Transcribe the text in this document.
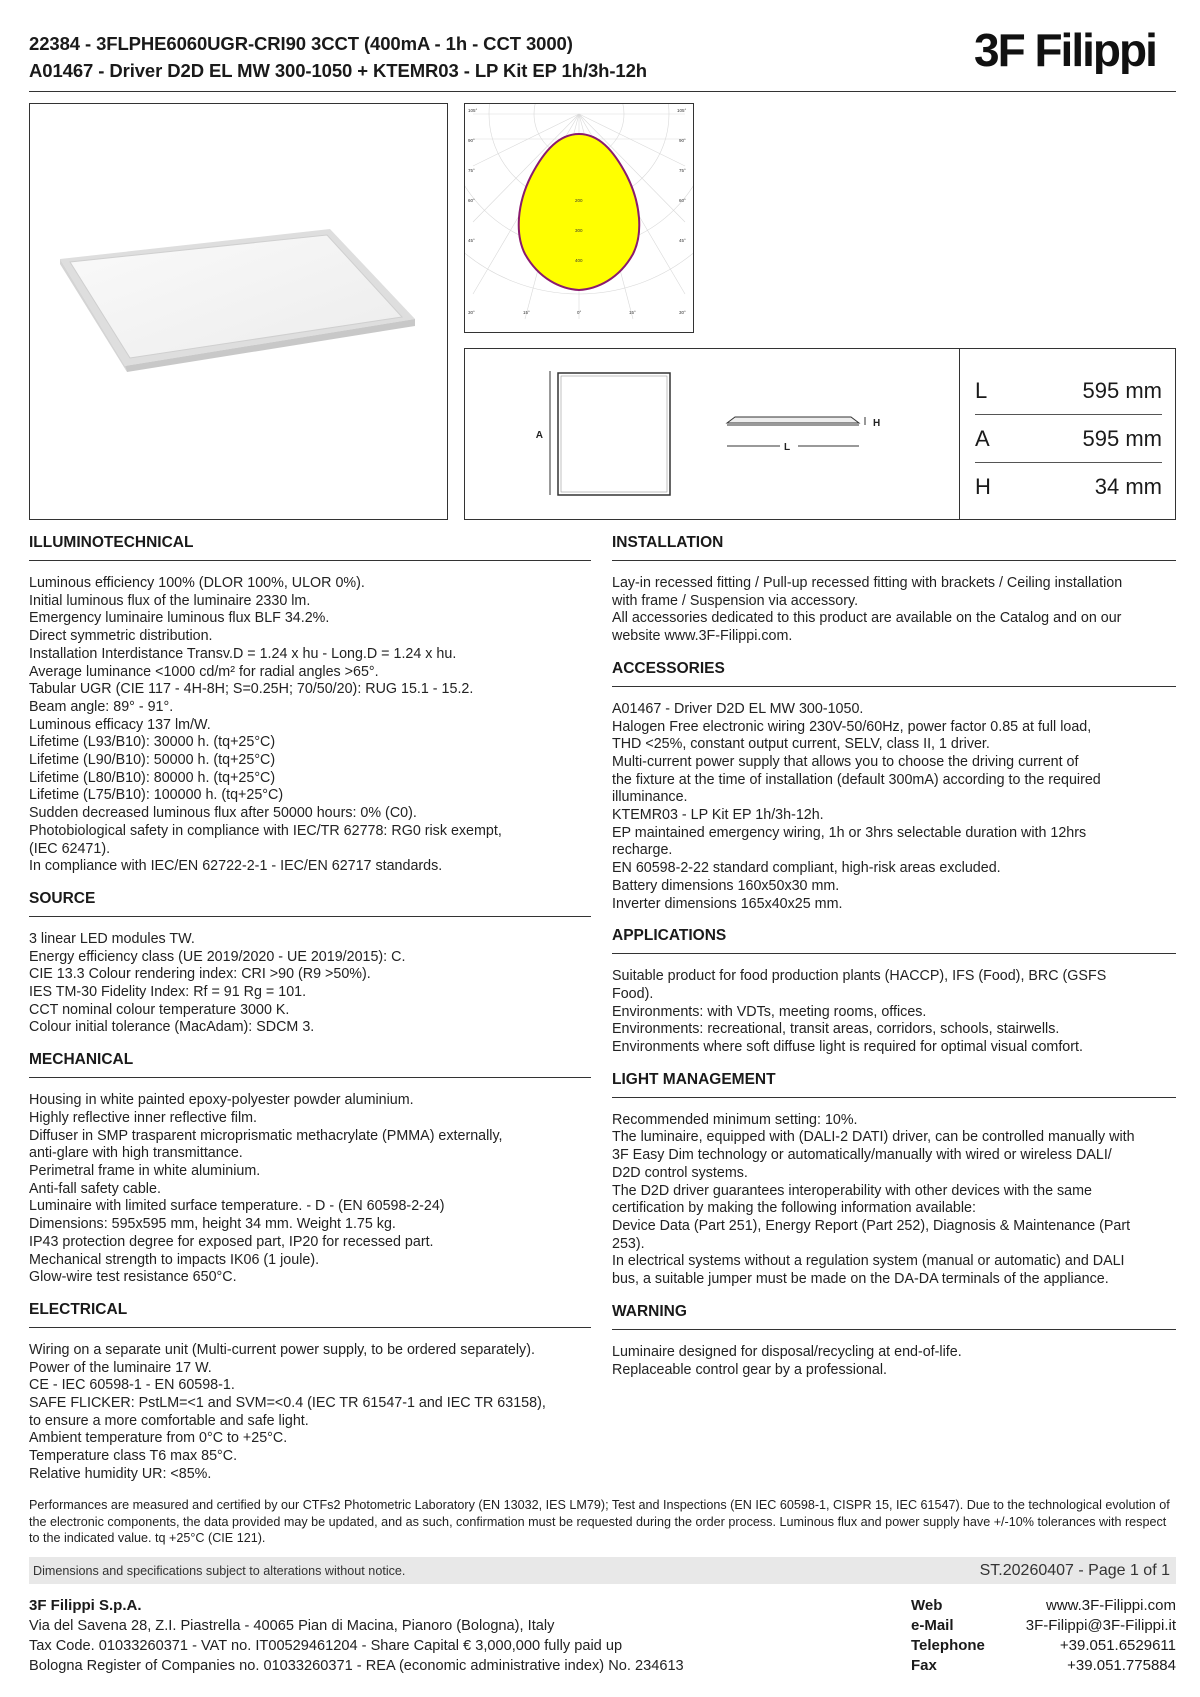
22384 - 3FLPHE6060UGR-CRI90 3CCT (400mA - 1h - CCT 3000)
A01467 - Driver D2D EL MW 300-1050 + KTEMR03 - LP Kit EP 1h/3h-12h	3F Filippi
105°
90°
75°
60°
45°
105°
90°
75°
60°
45°
30°	15°	0°	15°	30°
200
300
400
A
H
L
L	595 mm
A	595 mm
H	34 mm
ILLUMINOTECHNICAL
Luminous efficiency 100% (DLOR 100%, ULOR 0%).
Initial luminous flux of the luminaire 2330 lm.
Emergency luminaire luminous flux BLF 34.2%.
Direct symmetric distribution.
Installation Interdistance Transv.D = 1.24 x hu - Long.D = 1.24 x hu.
Average luminance <1000 cd/m² for radial angles >65°.
Tabular UGR (CIE 117 - 4H-8H; S=0.25H; 70/50/20): RUG 15.1 - 15.2.
Beam angle: 89° - 91°.
Luminous efficacy 137 lm/W.
Lifetime (L93/B10): 30000 h. (tq+25°C)
Lifetime (L90/B10): 50000 h. (tq+25°C)
Lifetime (L80/B10): 80000 h. (tq+25°C)
Lifetime (L75/B10): 100000 h. (tq+25°C)
Sudden decreased luminous flux after 50000 hours: 0% (C0).
Photobiological safety in compliance with IEC/TR 62778: RG0 risk exempt,
(IEC 62471).
In compliance with IEC/EN 62722-2-1 - IEC/EN 62717 standards.
SOURCE
3 linear LED modules TW.
Energy efficiency class (UE 2019/2020 - UE 2019/2015): C.
CIE 13.3 Colour rendering index: CRI >90 (R9 >50%).
IES TM-30 Fidelity Index: Rf = 91 Rg = 101.
CCT nominal colour temperature 3000 K.
Colour initial tolerance (MacAdam): SDCM 3.
MECHANICAL
Housing in white painted epoxy-polyester powder aluminium.
Highly reflective inner reflective film.
Diffuser in SMP trasparent microprismatic methacrylate (PMMA) externally,
anti-glare with high transmittance.
Perimetral frame in white aluminium.
Anti-fall safety cable.
Luminaire with limited surface temperature. - D - (EN 60598-2-24)
Dimensions: 595x595 mm, height 34 mm. Weight 1.75 kg.
IP43 protection degree for exposed part, IP20 for recessed part.
Mechanical strength to impacts IK06 (1 joule).
Glow-wire test resistance 650°C.
ELECTRICAL
Wiring on a separate unit (Multi-current power supply, to be ordered separately).
Power of the luminaire 17 W.
CE - IEC 60598-1 - EN 60598-1.
SAFE FLICKER: PstLM=<1 and SVM=<0.4 (IEC TR 61547-1 and IEC TR 63158),
to ensure a more comfortable and safe light.
Ambient temperature from 0°C to +25°C.
Temperature class T6 max 85°C.
Relative humidity UR: <85%.
INSTALLATION
Lay-in recessed fitting / Pull-up recessed fitting with brackets / Ceiling installation
with frame / Suspension via accessory.
All accessories dedicated to this product are available on the Catalog and on our
website www.3F-Filippi.com.
ACCESSORIES
A01467 - Driver D2D EL MW 300-1050.
Halogen Free electronic wiring 230V-50/60Hz, power factor 0.85 at full load,
THD <25%, constant output current, SELV, class II, 1 driver.
Multi-current power supply that allows you to choose the driving current of
the fixture at the time of installation (default 300mA) according to the required
illuminance.
KTEMR03 - LP Kit EP 1h/3h-12h.
EP maintained emergency wiring, 1h or 3hrs selectable duration with 12hrs
recharge.
EN 60598-2-22 standard compliant, high-risk areas excluded.
Battery dimensions 160x50x30 mm.
Inverter dimensions 165x40x25 mm.
APPLICATIONS
Suitable product for food production plants (HACCP), IFS (Food), BRC (GSFS
Food).
Environments: with VDTs, meeting rooms, offices.
Environments: recreational, transit areas, corridors, schools, stairwells.
Environments where soft diffuse light is required for optimal visual comfort.
LIGHT MANAGEMENT
Recommended minimum setting: 10%.
The luminaire, equipped with (DALI-2 DATI) driver, can be controlled manually with
3F Easy Dim technology or automatically/manually with wired or wireless DALI/
D2D control systems.
The D2D driver guarantees interoperability with other devices with the same
certification by making the following information available:
Device Data (Part 251), Energy Report (Part 252), Diagnosis & Maintenance (Part
253).
In electrical systems without a regulation system (manual or automatic) and DALI
bus, a suitable jumper must be made on the DA-DA terminals of the appliance.
WARNING
Luminaire designed for disposal/recycling at end-of-life.
Replaceable control gear by a professional.
Performances are measured and certified by our CTFs2 Photometric Laboratory (EN 13032, IES LM79); Test and Inspections (EN IEC 60598-1, CISPR 15, IEC 61547). Due to the technological evolution of the electronic components, the data provided may be updated, and as such, confirmation must be requested during the order process. Luminous flux and power supply have +/-10% tolerances with respect to the indicated value. tq +25°C (CIE 121).
Dimensions and specifications subject to alterations without notice.	ST.20260407 - Page 1 of 1
3F Filippi S.p.A.
Via del Savena 28, Z.I. Piastrella - 40065 Pian di Macina, Pianoro (Bologna), Italy
Tax Code. 01033260371 - VAT no. IT00529461204 - Share Capital € 3,000,000 fully paid up
Bologna Register of Companies no. 01033260371 - REA (economic administrative index) No. 234613
Web	www.3F-Filippi.com
e-Mail	3F-Filippi@3F-Filippi.it
Telephone	+39.051.6529611
Fax	+39.051.775884
